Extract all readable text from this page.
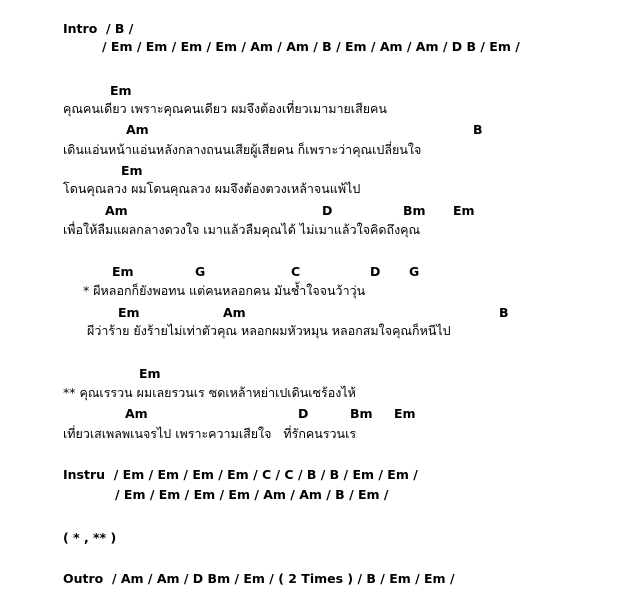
Intro  / B /
/ Em / Em / Em / Em / Am / Am / B / Em / Am / Am / D B / Em /
Em
คุณคนเดียว เพราะคุณคนเดียว ผมจึงต้องเที่ยวเมามายเสียคน
Am	B
เดินแอ่นหน้าแอ่นหลังกลางถนนเสียผู้เสียคน ก็เพราะว่าคุณเปลี่ยนใจ
Em
โดนคุณลวง ผมโดนคุณลวง ผมจึงต้องตวงเหล้าจนแพ้ไป
Am	D	Bm Em
เพื่อให้ลืมแผลกลางดวงใจ เมาแล้วลืมคุณได้ ไม่เมาแล้วใจคิดถึงคุณ
Em	G	C	D G
* ผีหลอกก็ยังพอทน แต่คนหลอกคน มันช้ำใจจนว้าวุ่น
Em	Am	B
ผีว่าร้าย ยังร้ายไม่เท่าตัวคุณ หลอกผมหัวหมุน หลอกสมใจคุณก็หนีไป
Em
** คุณเรรวน ผมเลยรวนเร ซดเหล้าหย่าเปเดินเซร้องไห้
Am	D	Bm Em
เที่ยวเสเพลพเนจรไป เพราะความเสียใจ   ที่รักคนรวนเร
Instru  / Em / Em / Em / Em / C / C / B / B / Em / Em /
/ Em / Em / Em / Em / Am / Am / B / Em /
( * , ** )
Outro  / Am / Am / D Bm / Em / ( 2 Times ) / B / Em / Em /
